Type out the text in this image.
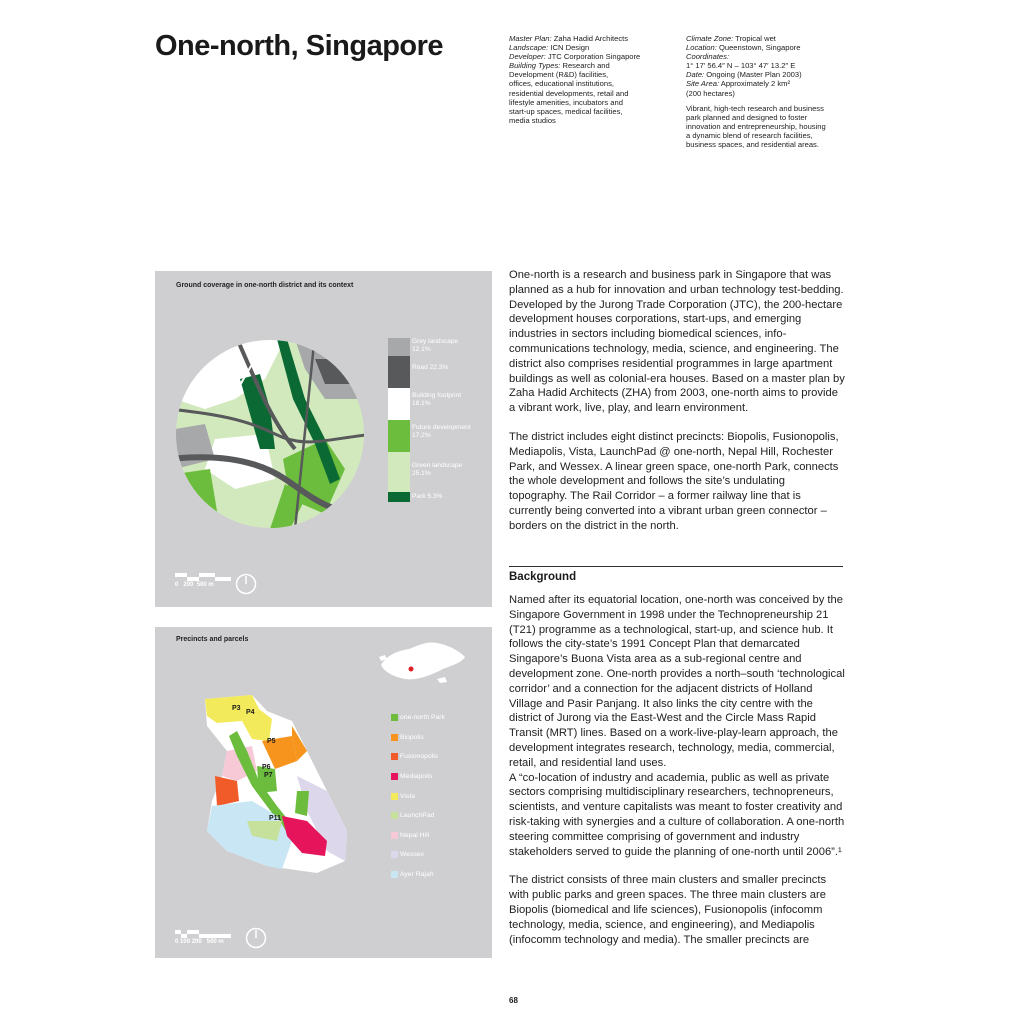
One-north, Singapore	Master Plan: Zaha Hadid Architects
Landscape: ICN Design
Developer: JTC Corporation Singapore
Building Types: Research and
Development (R&D) facilities,
offices, educational institutions,
residential developments, retail and
lifestyle amenities, incubators and
start-up spaces, medical facilities,
media studios
Climate Zone: Tropical wet
Location: Queenstown, Singapore
Coordinates:
1° 17′ 56.4″ N – 103° 47′ 13.2″ E
Date: Ongoing (Master Plan 2003)
Site Area: Approximately 2 km²
(200 hectares)
Vibrant, high-tech research and business
park planned and designed to foster
innovation and entrepreneurship, housing
a dynamic blend of research facilities,
business spaces, and residential areas.
Ground coverage in one-north district and its context
Grey landscape 12.1%
Road 22.3%
Building footprint 18.1%
Future development 17.2%
Green landscape 25.1%
Park 5.3%
0 200 500 m
Precincts and parcels
P3
P4
P5
P6
P7
P11
one-north Park
Biopolis
Fusionopolis
Mediapolis
Vista
LaunchPad
Nepal Hill
Wessex
Ayer Rajah
0 100 200 500 m

One-north is a research and business park in Singapore that was planned as a hub for innovation and urban technology test-bedding. Developed by the Jurong Trade Corporation (JTC), the 200-hectare development houses corporations, start-ups, and emerging industries in sectors including biomedical sciences, info-communications technology, media, science, and engineering. The district also comprises residential programmes in large apartment buildings as well as colonial-era houses. Based on a master plan by Zaha Hadid Architects (ZHA) from 2003, one-north aims to provide a vibrant work, live, play, and learn environment.

The district includes eight distinct precincts: Biopolis, Fusionopolis, Mediapolis, Vista, LaunchPad @ one-north, Nepal Hill, Rochester Park, and Wessex. A linear green space, one-north Park, connects the whole development and follows the site’s undulating topography. The Rail Corridor – a former railway line that is currently being converted into a vibrant urban green connector – borders on the district in the north.

Background

Named after its equatorial location, one-north was conceived by the Singapore Government in 1998 under the Technopreneurship 21 (T21) programme as a technological, start-up, and science hub. It follows the city-state’s 1991 Concept Plan that demarcated Singapore’s Buona Vista area as a sub-regional centre and development zone. One-north provides a north–south ‘technological corridor’ and a connection for the adjacent districts of Holland Village and Pasir Panjang. It also links the city centre with the district of Jurong via the East-West and the Circle Mass Rapid Transit (MRT) lines. Based on a work-live-play-learn approach, the development integrates research, technology, media, commercial, retail, and residential land uses.

A “co-location of industry and academia, public as well as private sectors comprising multidisciplinary researchers, technopreneurs, scientists, and venture capitalists was meant to foster creativity and risk-taking with synergies and a culture of collaboration. A one-north steering committee comprising of government and industry stakeholders served to guide the planning of one-north until 2006”.¹

The district consists of three main clusters and smaller precincts with public parks and green spaces. The three main clusters are Biopolis (biomedical and life sciences), Fusionopolis (infocomm technology, media, science, and engineering), and Mediapolis (infocomm technology and media). The smaller precincts are

68
